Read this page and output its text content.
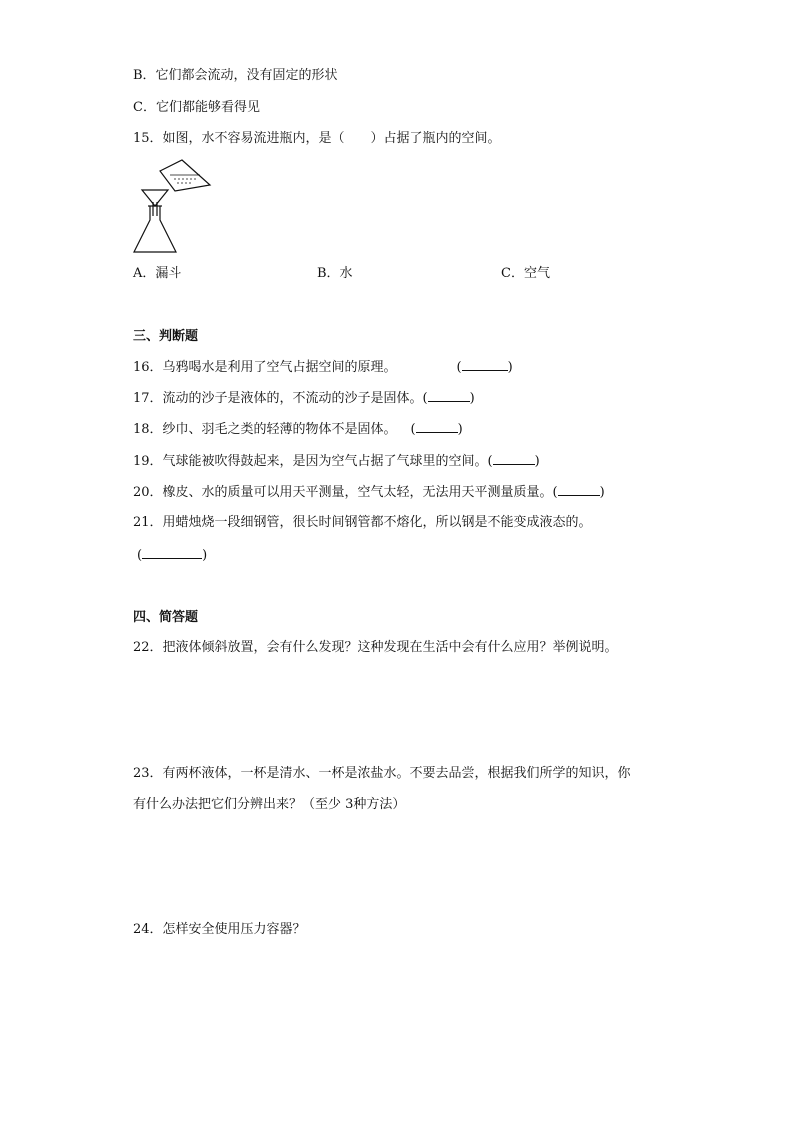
B．它们都会流动，没有固定的形状
C．它们都能够看得见
15．如图，水不容易流进瓶内，是（　　）占据了瓶内的空间。
A．漏斗	B．水	C．空气
三、判断题
16．乌鸦喝水是利用了空气占据空间的原理。	(	)
17．流动的沙子是液体的，不流动的沙子是固体。(	)
18．纱巾、羽毛之类的轻薄的物体不是固体。 (	)
19．气球能被吹得鼓起来，是因为空气占据了气球里的空间。(	)
20．橡皮、水的质量可以用天平测量，空气太轻，无法用天平测量质量。(	)
21．用蜡烛烧一段细钢管，很长时间钢管都不熔化，所以钢是不能变成液态的。
(	)
四、简答题
22．把液体倾斜放置，会有什么发现？这种发现在生活中会有什么应用？举例说明。
23．有两杯液体，一杯是清水、一杯是浓盐水。不要去品尝，根据我们所学的知识，你
有什么办法把它们分辨出来？（至少 3种方法）
24．怎样安全使用压力容器？
